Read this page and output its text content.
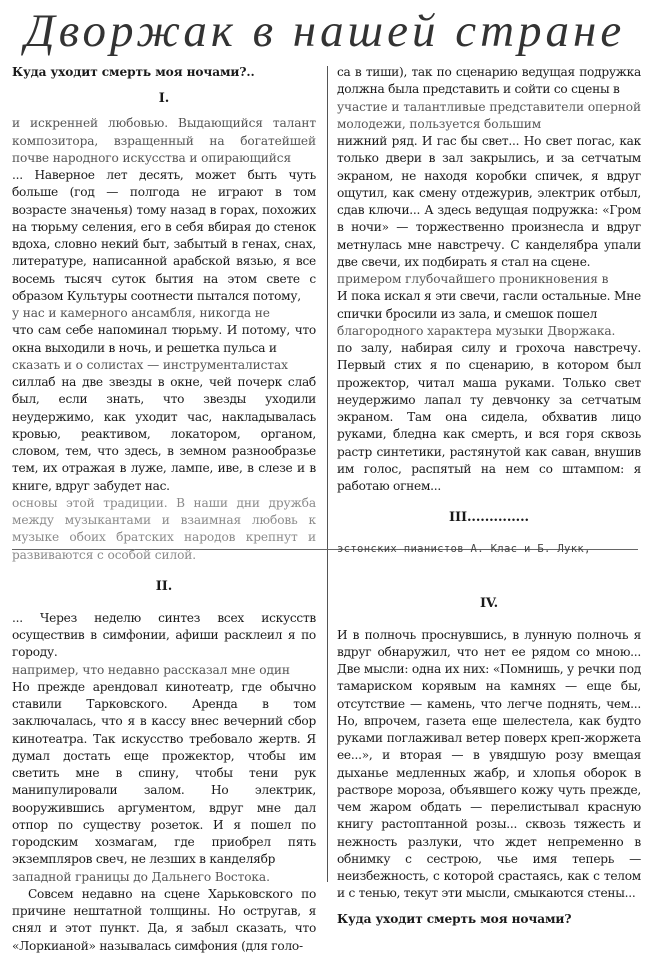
Дворжак в нашей стране

Куда уходит смерть моя ночами?..

I.

и искренней любовью. Выдающийся талант композитора, взращенный на богатейшей почве народного искусства и опирающийся

... Наверное лет десять, может быть чуть больше (год — полгода не играют в том возрасте значенья) тому назад в горах, похожих на тюрьму селения, его в себя вбирая до стенок вдоха, словно некий быт, забытый в генах, снах, литературе, написанной арабской вязью, я все восемь тысяч суток бытия на этом свете с образом Культуры соотнести пытался потому,

у нас и камерного ансамбля, никогда не

что сам себе напоминал тюрьму. И потому, что окна выходили в ночь, и решетка пульса и

сказать и о солистах — инструменталистах

силлаб на две звезды в окне, чей почерк слаб был, если знать, что звезды уходили неудержимо, как уходит час, накладывалась кровью, реактивом, локатором, органом, словом, тем, что здесь, в земном разнообразье тем, их отражая в луже, лампе, иве, в слезе и в книге, вдруг забудет нас.

основы этой традиции. В наши дни дружба между музыкантами и взаимная любовь к музыке обоих братских народов крепнут и развиваются с особой силой.

II.

... Через неделю синтез всех искусств осуществив в симфонии, афиши расклеил я по городу.

например, что недавно рассказал мне один

Но прежде арендовал кинотеатр, где обычно ставили Тарковского. Аренда в том заключалась, что я в кассу внес вечерний сбор кинотеатра. Так искусство требовало жертв. Я думал достать еще прожектор, чтобы им светить мне в спину, чтобы тени рук манипулировали залом. Но электрик, вооружившись аргументом, вдруг мне дал отпор по существу розеток. И я пошел по городским хозмагам, где приобрел пять экземпляров свеч, не лезших в канделябр

западной границы до Дальнего Востока.

Совсем недавно на сцене Харьковского по причине нештатной толщины. Но остругав, я снял и этот пункт. Да, я забыл сказать, что «Лоркианой» называлась симфония (для голо-

са в тиши), так по сценарию ведущая подружка должна была представить и сойти со сцены в

участие и талантливые представители оперной молодежи, пользуется большим

нижний ряд. И гас бы свет... Но свет погас, как только двери в зал закрылись, и за сетчатым экраном, не находя коробки спичек, я вдруг ощутил, как смену отдежурив, электрик отбыл, сдав ключи... А здесь ведущая подружка: «Гром в ночи» — торжественно произнесла и вдруг метнулась мне навстречу. С канделябра упали две свечи, их подбирать я стал на сцене.

примером глубочайшего проникновения в

И пока искал я эти свечи, гасли остальные. Мне спички бросили из зала, и смешок пошел

благородного характера музыки Дворжака.

по залу, набирая силу и грохоча навстречу. Первый стих я по сценарию, в котором был прожектор, читал маша руками. Только свет неудержимо лапал ту девчонку за сетчатым экраном. Там она сидела, обхватив лицо руками, бледна как смерть, и вся горя сквозь растр синтетики, растянутой как саван, внушив им голос, распятый на нем со штампом: я работаю огнем...

III..............

эстонских пианистов А. Клас и Б. Лукк,

IV.

И в полночь проснувшись, в лунную полночь я вдруг обнаружил, что нет ее рядом со мною... Две мысли: одна их них: «Помнишь, у речки под тамариском корявым на камнях — еще бы, отсутствие — камень, что легче поднять, чем... Но, впрочем, газета еще шелестела, как будто руками поглаживал ветер поверх креп-жоржета ее...», и вторая — в увядшую розу вмещая дыханье медленных жабр, и хлопья оборок в растворе мороза, объявшего кожу чуть прежде, чем жаром обдать — перелистывал красную книгу растоптанной розы... сквозь тяжесть и нежность разлуки, что ждет непременно в обнимку с сестрою, чье имя теперь — неизбежность, с которой срастаясь, как с телом и с тенью, текут эти мысли, смыкаются стены...

Куда уходит смерть моя ночами?
